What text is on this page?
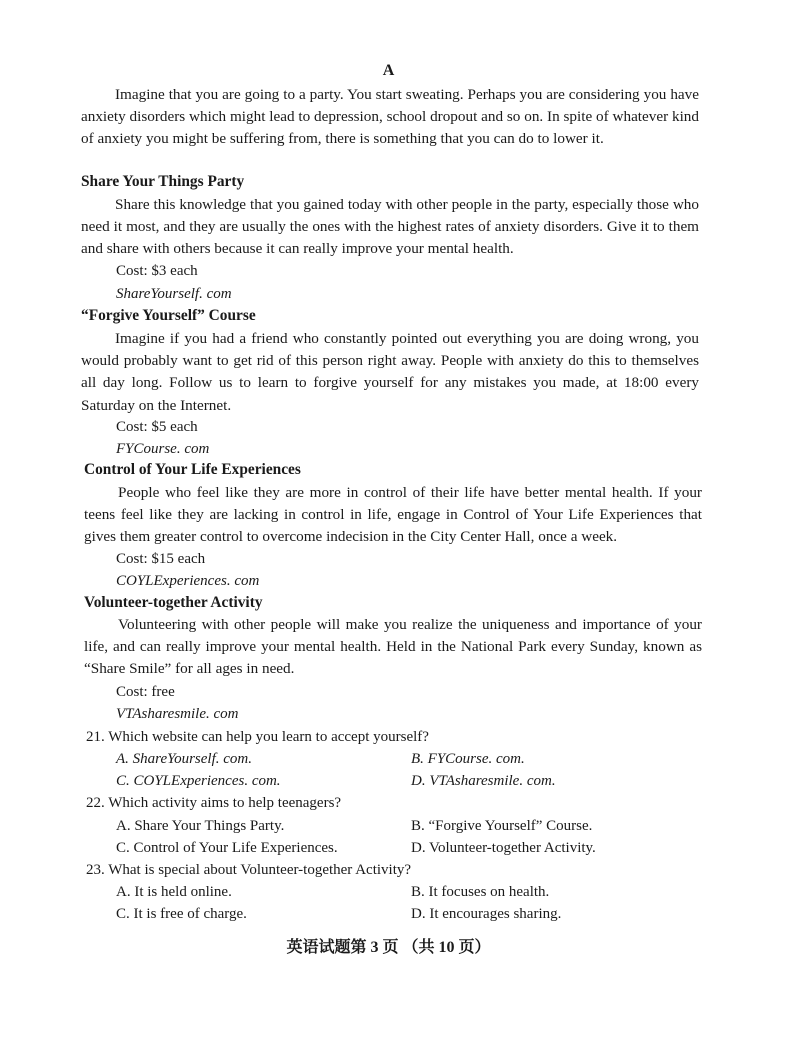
A
Imagine that you are going to a party. You start sweating. Perhaps you are considering you have anxiety disorders which might lead to depression, school dropout and so on. In spite of whatever kind of anxiety you might be suffering from, there is something that you can do to lower it.
Share Your Things Party
Share this knowledge that you gained today with other people in the party, especially those who need it most, and they are usually the ones with the highest rates of anxiety disorders. Give it to them and share with others because it can really improve your mental health.
Cost: $3 each
ShareYourself. com
“Forgive Yourself” Course
Imagine if you had a friend who constantly pointed out everything you are doing wrong, you would probably want to get rid of this person right away. People with anxiety do this to themselves all day long. Follow us to learn to forgive yourself for any mistakes you made, at 18:00 every Saturday on the Internet.
Cost: $5 each
FYCourse. com
Control of Your Life Experiences
People who feel like they are more in control of their life have better mental health. If your teens feel like they are lacking in control in life, engage in Control of Your Life Experiences that gives them greater control to overcome indecision in the City Center Hall, once a week.
Cost: $15 each
COYLExperiences. com
Volunteer-together Activity
Volunteering with other people will make you realize the uniqueness and importance of your life, and can really improve your mental health. Held in the National Park every Sunday, known as “Share Smile” for all ages in need.
Cost: free
VTAsharesmile. com
21. Which website can help you learn to accept yourself?
A. ShareYourself. com.	B. FYCourse. com.
C. COYLExperiences. com.	D. VTAsharesmile. com.
22. Which activity aims to help teenagers?
A. Share Your Things Party.	B. “Forgive Yourself” Course.
C. Control of Your Life Experiences.	D. Volunteer-together Activity.
23. What is special about Volunteer-together Activity?
A. It is held online.	B. It focuses on health.
C. It is free of charge.	D. It encourages sharing.
英语试题第 3 页 （共 10 页）
